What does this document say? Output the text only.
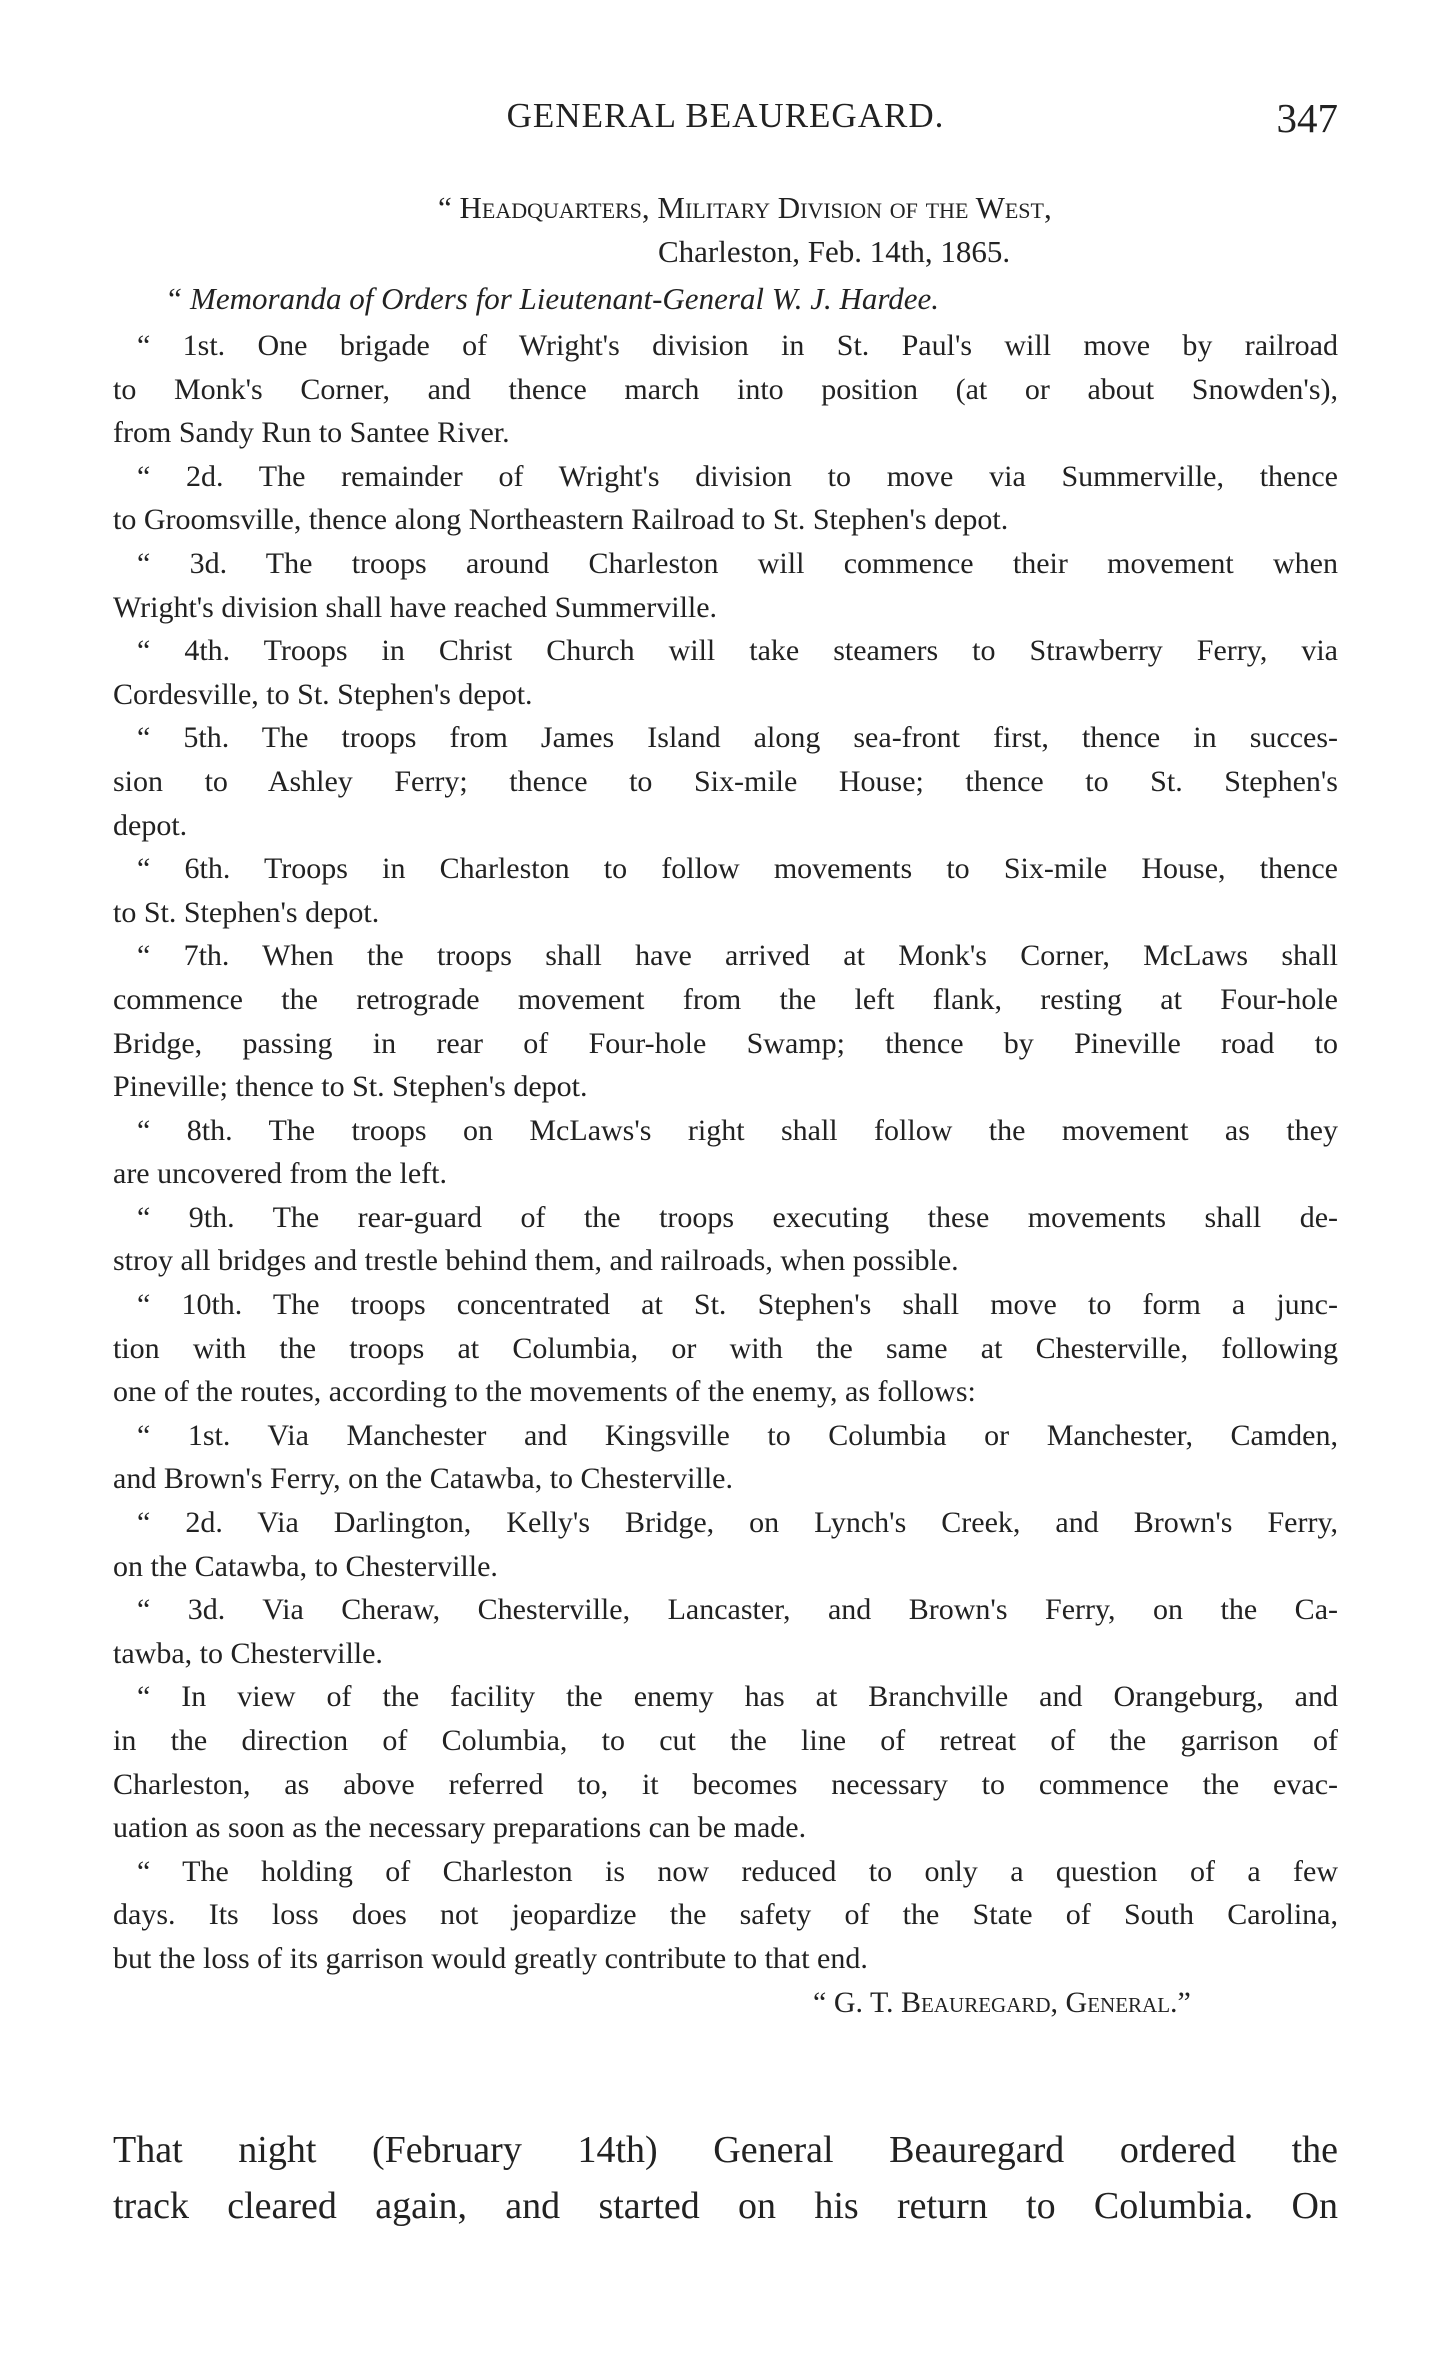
GENERAL BEAUREGARD.	347
“ Headquarters, Military Division of the West,
Charleston, Feb. 14th, 1865.
“ Memoranda of Orders for Lieutenant-General W. J. Hardee.
“ 1st. One brigade of Wright's division in St. Paul's will move by railroad
to Monk's Corner, and thence march into position (at or about Snowden's),
from Sandy Run to Santee River.
“ 2d. The remainder of Wright's division to move via Summerville, thence
to Groomsville, thence along Northeastern Railroad to St. Stephen's depot.
“ 3d. The troops around Charleston will commence their movement when
Wright's division shall have reached Summerville.
“ 4th. Troops in Christ Church will take steamers to Strawberry Ferry, via
Cordesville, to St. Stephen's depot.
“ 5th. The troops from James Island along sea-front first, thence in succes-
sion to Ashley Ferry; thence to Six-mile House; thence to St. Stephen's
depot.
“ 6th. Troops in Charleston to follow movements to Six-mile House, thence
to St. Stephen's depot.
“ 7th. When the troops shall have arrived at Monk's Corner, McLaws shall
commence the retrograde movement from the left flank, resting at Four-hole
Bridge, passing in rear of Four-hole Swamp; thence by Pineville road to
Pineville; thence to St. Stephen's depot.
“ 8th. The troops on McLaws's right shall follow the movement as they
are uncovered from the left.
“ 9th. The rear-guard of the troops executing these movements shall de-
stroy all bridges and trestle behind them, and railroads, when possible.
“ 10th. The troops concentrated at St. Stephen's shall move to form a junc-
tion with the troops at Columbia, or with the same at Chesterville, following
one of the routes, according to the movements of the enemy, as follows:
“ 1st. Via Manchester and Kingsville to Columbia or Manchester, Camden,
and Brown's Ferry, on the Catawba, to Chesterville.
“ 2d. Via Darlington, Kelly's Bridge, on Lynch's Creek, and Brown's Ferry,
on the Catawba, to Chesterville.
“ 3d. Via Cheraw, Chesterville, Lancaster, and Brown's Ferry, on the Ca-
tawba, to Chesterville.
“ In view of the facility the enemy has at Branchville and Orangeburg, and
in the direction of Columbia, to cut the line of retreat of the garrison of
Charleston, as above referred to, it becomes necessary to commence the evac-
uation as soon as the necessary preparations can be made.
“ The holding of Charleston is now reduced to only a question of a few
days. Its loss does not jeopardize the safety of the State of South Carolina,
but the loss of its garrison would greatly contribute to that end.
“ G. T. Beauregard, General.”
That night (February 14th) General Beauregard ordered the
track cleared again, and started on his return to Columbia. On
